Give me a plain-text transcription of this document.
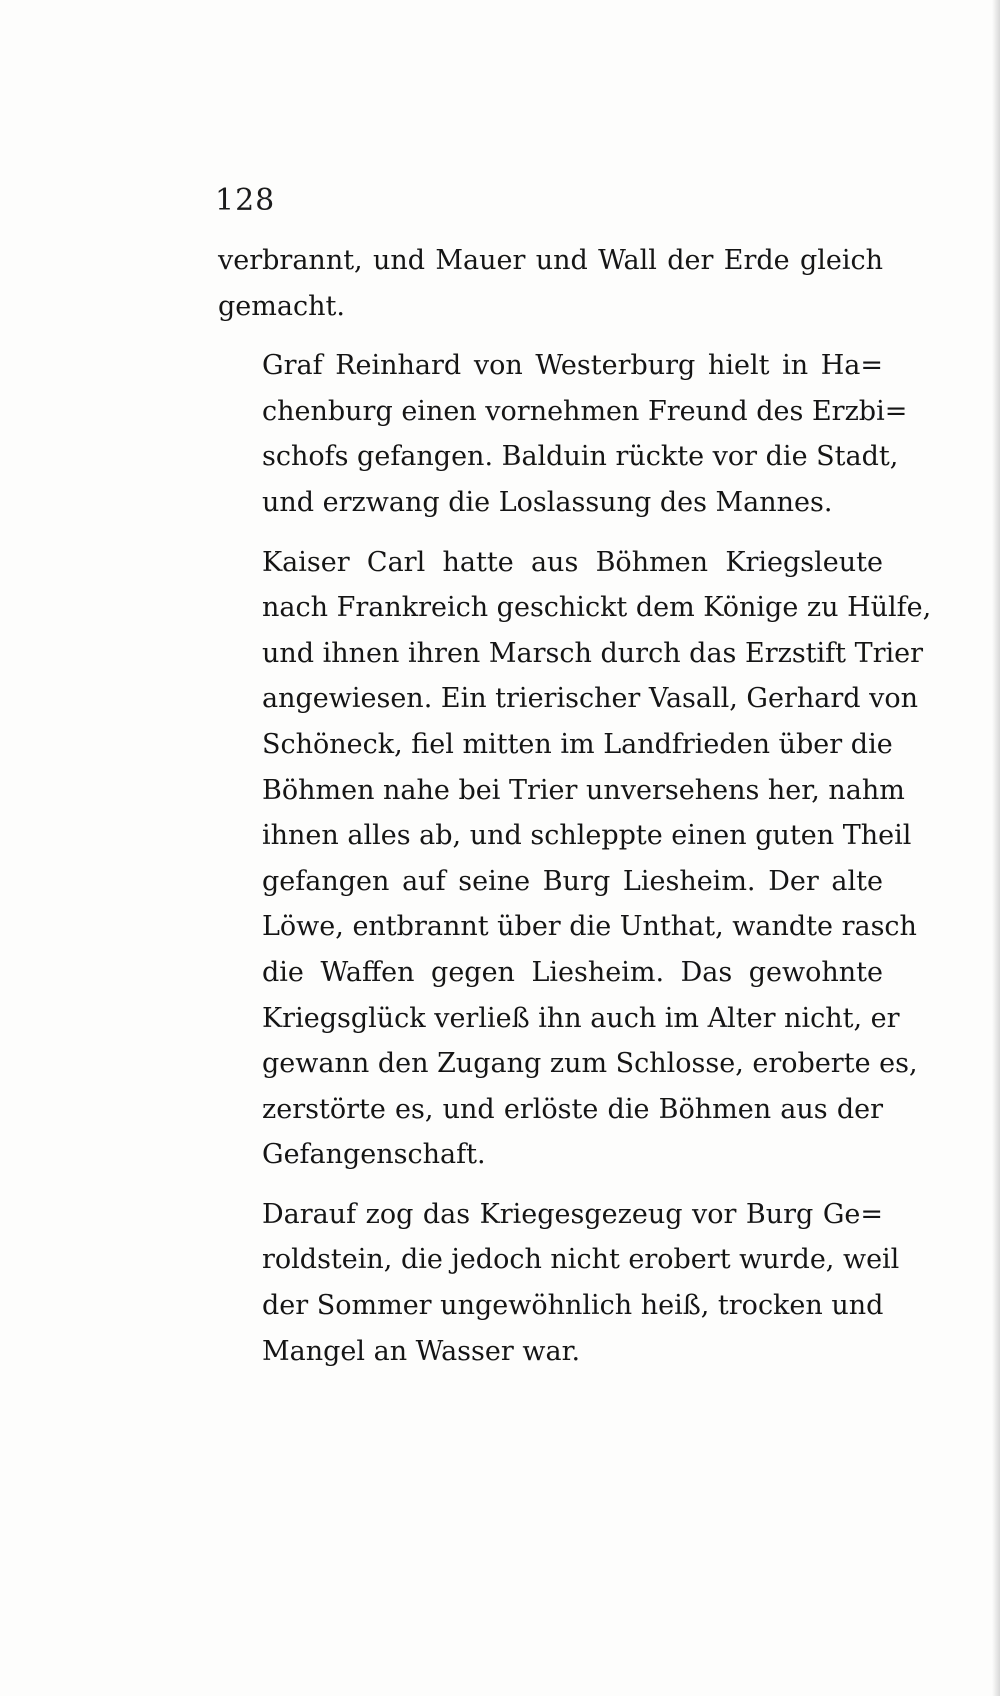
128
verbrannt, und Mauer und Wall der Erde gleich
gemacht.
Graf Reinhard von Westerburg hielt in Ha=
chenburg einen vornehmen Freund des Erzbi=
schofs gefangen. Balduin rückte vor die Stadt,
und erzwang die Loslassung des Mannes.
Kaiser Carl hatte aus Böhmen Kriegsleute
nach Frankreich geschickt dem Könige zu Hülfe,
und ihnen ihren Marsch durch das Erzstift Trier
angewiesen. Ein trierischer Vasall, Gerhard von
Schöneck, fiel mitten im Landfrieden über die
Böhmen nahe bei Trier unversehens her, nahm
ihnen alles ab, und schleppte einen guten Theil
gefangen auf seine Burg Liesheim. Der alte
Löwe, entbrannt über die Unthat, wandte rasch
die Waffen gegen Liesheim. Das gewohnte
Kriegsglück verließ ihn auch im Alter nicht, er
gewann den Zugang zum Schlosse, eroberte es,
zerstörte es, und erlöste die Böhmen aus der
Gefangenschaft.
Darauf zog das Kriegesgezeug vor Burg Ge=
roldstein, die jedoch nicht erobert wurde, weil
der Sommer ungewöhnlich heiß, trocken und
Mangel an Wasser war.
